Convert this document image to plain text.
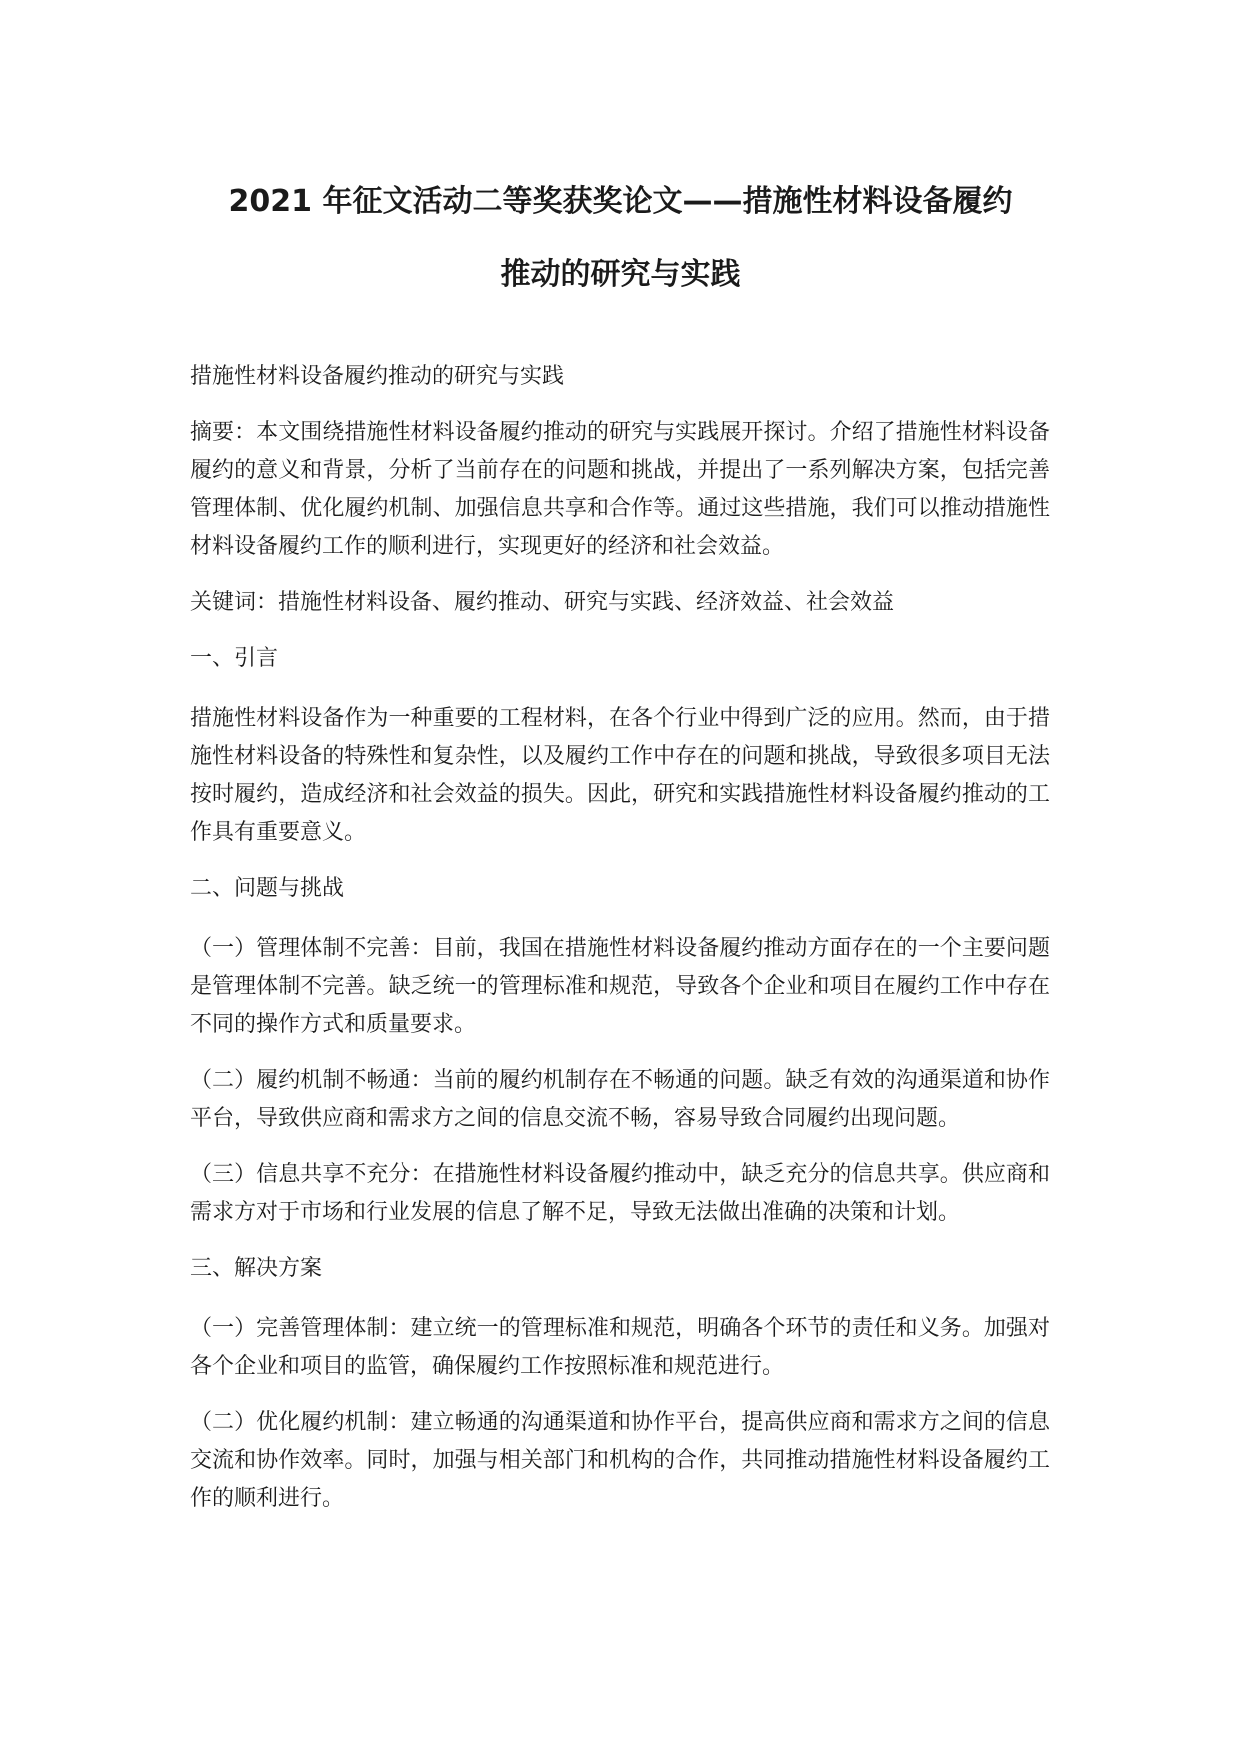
2021 年征文活动二等奖获奖论文——措施性材料设备履约
推动的研究与实践

措施性材料设备履约推动的研究与实践

摘要：本文围绕措施性材料设备履约推动的研究与实践展开探讨。介绍了措施性材料设备履约的意义和背景，分析了当前存在的问题和挑战，并提出了一系列解决方案，包括完善管理体制、优化履约机制、加强信息共享和合作等。通过这些措施，我们可以推动措施性材料设备履约工作的顺利进行，实现更好的经济和社会效益。

关键词：措施性材料设备、履约推动、研究与实践、经济效益、社会效益

一、引言

措施性材料设备作为一种重要的工程材料，在各个行业中得到广泛的应用。然而，由于措施性材料设备的特殊性和复杂性，以及履约工作中存在的问题和挑战，导致很多项目无法按时履约，造成经济和社会效益的损失。因此，研究和实践措施性材料设备履约推动的工作具有重要意义。

二、问题与挑战

（一）管理体制不完善：目前，我国在措施性材料设备履约推动方面存在的一个主要问题是管理体制不完善。缺乏统一的管理标准和规范，导致各个企业和项目在履约工作中存在不同的操作方式和质量要求。

（二）履约机制不畅通：当前的履约机制存在不畅通的问题。缺乏有效的沟通渠道和协作平台，导致供应商和需求方之间的信息交流不畅，容易导致合同履约出现问题。

（三）信息共享不充分：在措施性材料设备履约推动中，缺乏充分的信息共享。供应商和需求方对于市场和行业发展的信息了解不足，导致无法做出准确的决策和计划。

三、解决方案

（一）完善管理体制：建立统一的管理标准和规范，明确各个环节的责任和义务。加强对各个企业和项目的监管，确保履约工作按照标准和规范进行。

（二）优化履约机制：建立畅通的沟通渠道和协作平台，提高供应商和需求方之间的信息交流和协作效率。同时，加强与相关部门和机构的合作，共同推动措施性材料设备履约工作的顺利进行。
